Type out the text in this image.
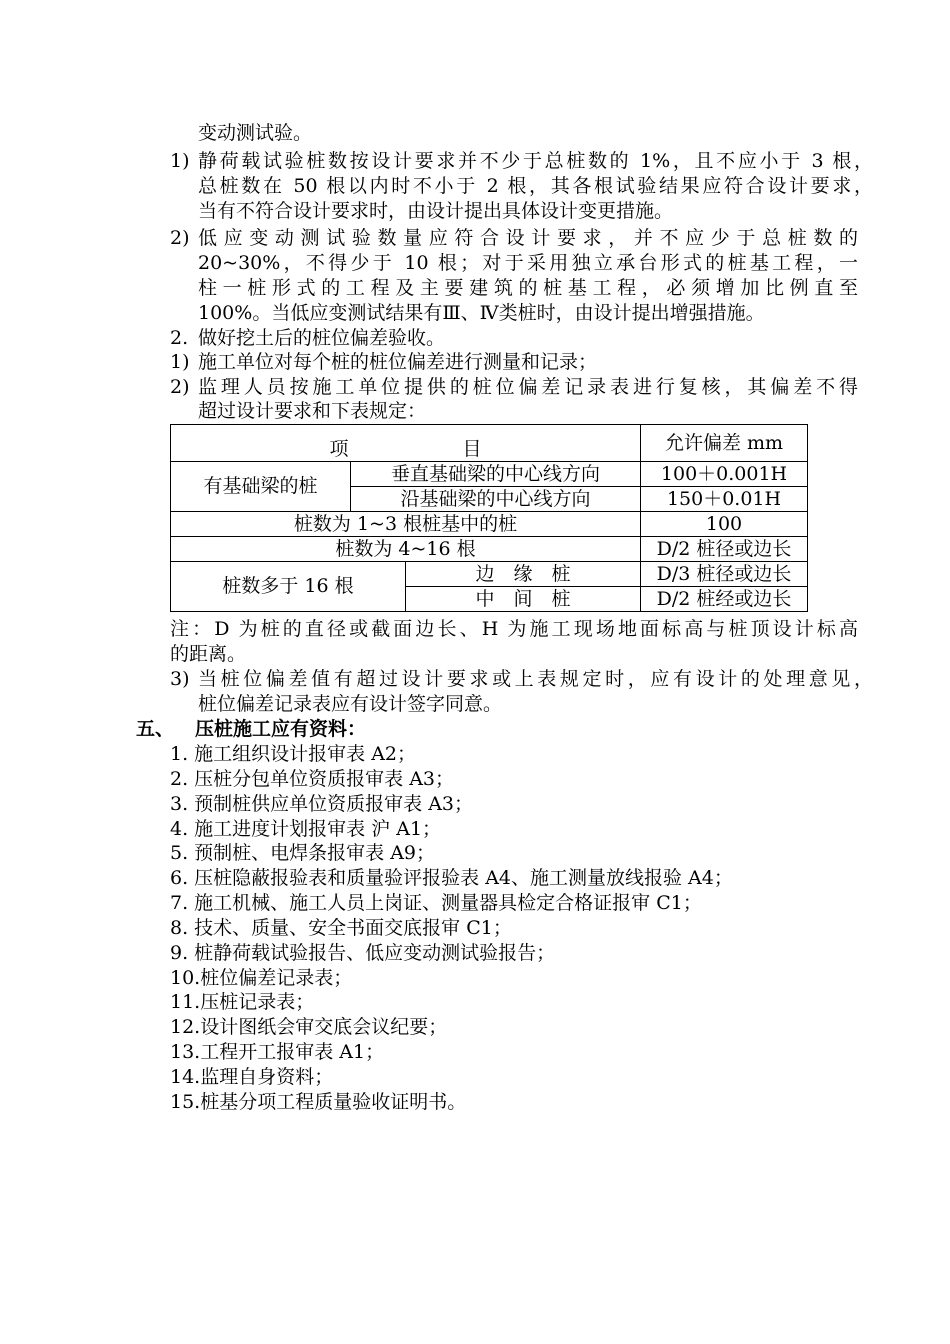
变动测试验。
1) 静荷载试验桩数按设计要求并不少于总桩数的 1%，且不应小于 3 根，
总桩数在 50 根以内时不小于 2 根，其各根试验结果应符合设计要求，
当有不符合设计要求时，由设计提出具体设计变更措施。
2) 低应变动测试验数量应符合设计要求，并不应少于总桩数的
20~30%，不得少于 10 根；对于采用独立承台形式的桩基工程，一
柱一桩形式的工程及主要建筑的桩基工程，必须增加比例直至
100%。当低应变测试结果有Ⅲ、Ⅳ类桩时，由设计提出增强措施。
2. 做好挖土后的桩位偏差验收。
1) 施工单位对每个桩的桩位偏差进行测量和记录；
2) 监理人员按施工单位提供的桩位偏差记录表进行复核，其偏差不得
超过设计要求和下表规定：
项　　　　　　目			允许偏差 mm
有基础梁的桩	垂直基础梁的中心线方向		100＋0.001H
	沿基础梁的中心线方向		150＋0.01H
桩数为 1~3 根桩基中的桩			100
桩数为 4~16 根			D/2 桩径或边长
桩数多于 16 根		边　缘　桩	D/3 桩径或边长
		中　间　桩	D/2 桩经或边长
注：D 为桩的直径或截面边长、H 为施工现场地面标高与桩顶设计标高
的距离。
3) 当桩位偏差值有超过设计要求或上表规定时，应有设计的处理意见，
桩位偏差记录表应有设计签字同意。
五、 压桩施工应有资料：
1. 施工组织设计报审表 A2；
2. 压桩分包单位资质报审表 A3；
3. 预制桩供应单位资质报审表 A3；
4. 施工进度计划报审表 沪 A1；
5. 预制桩、电焊条报审表 A9；
6. 压桩隐蔽报验表和质量验评报验表 A4、施工测量放线报验 A4；
7. 施工机械、施工人员上岗证、测量器具检定合格证报审 C1；
8. 技术、质量、安全书面交底报审 C1；
9. 桩静荷载试验报告、低应变动测试验报告；
10.桩位偏差记录表；
11.压桩记录表；
12.设计图纸会审交底会议纪要；
13.工程开工报审表 A1；
14.监理自身资料；
15.桩基分项工程质量验收证明书。
